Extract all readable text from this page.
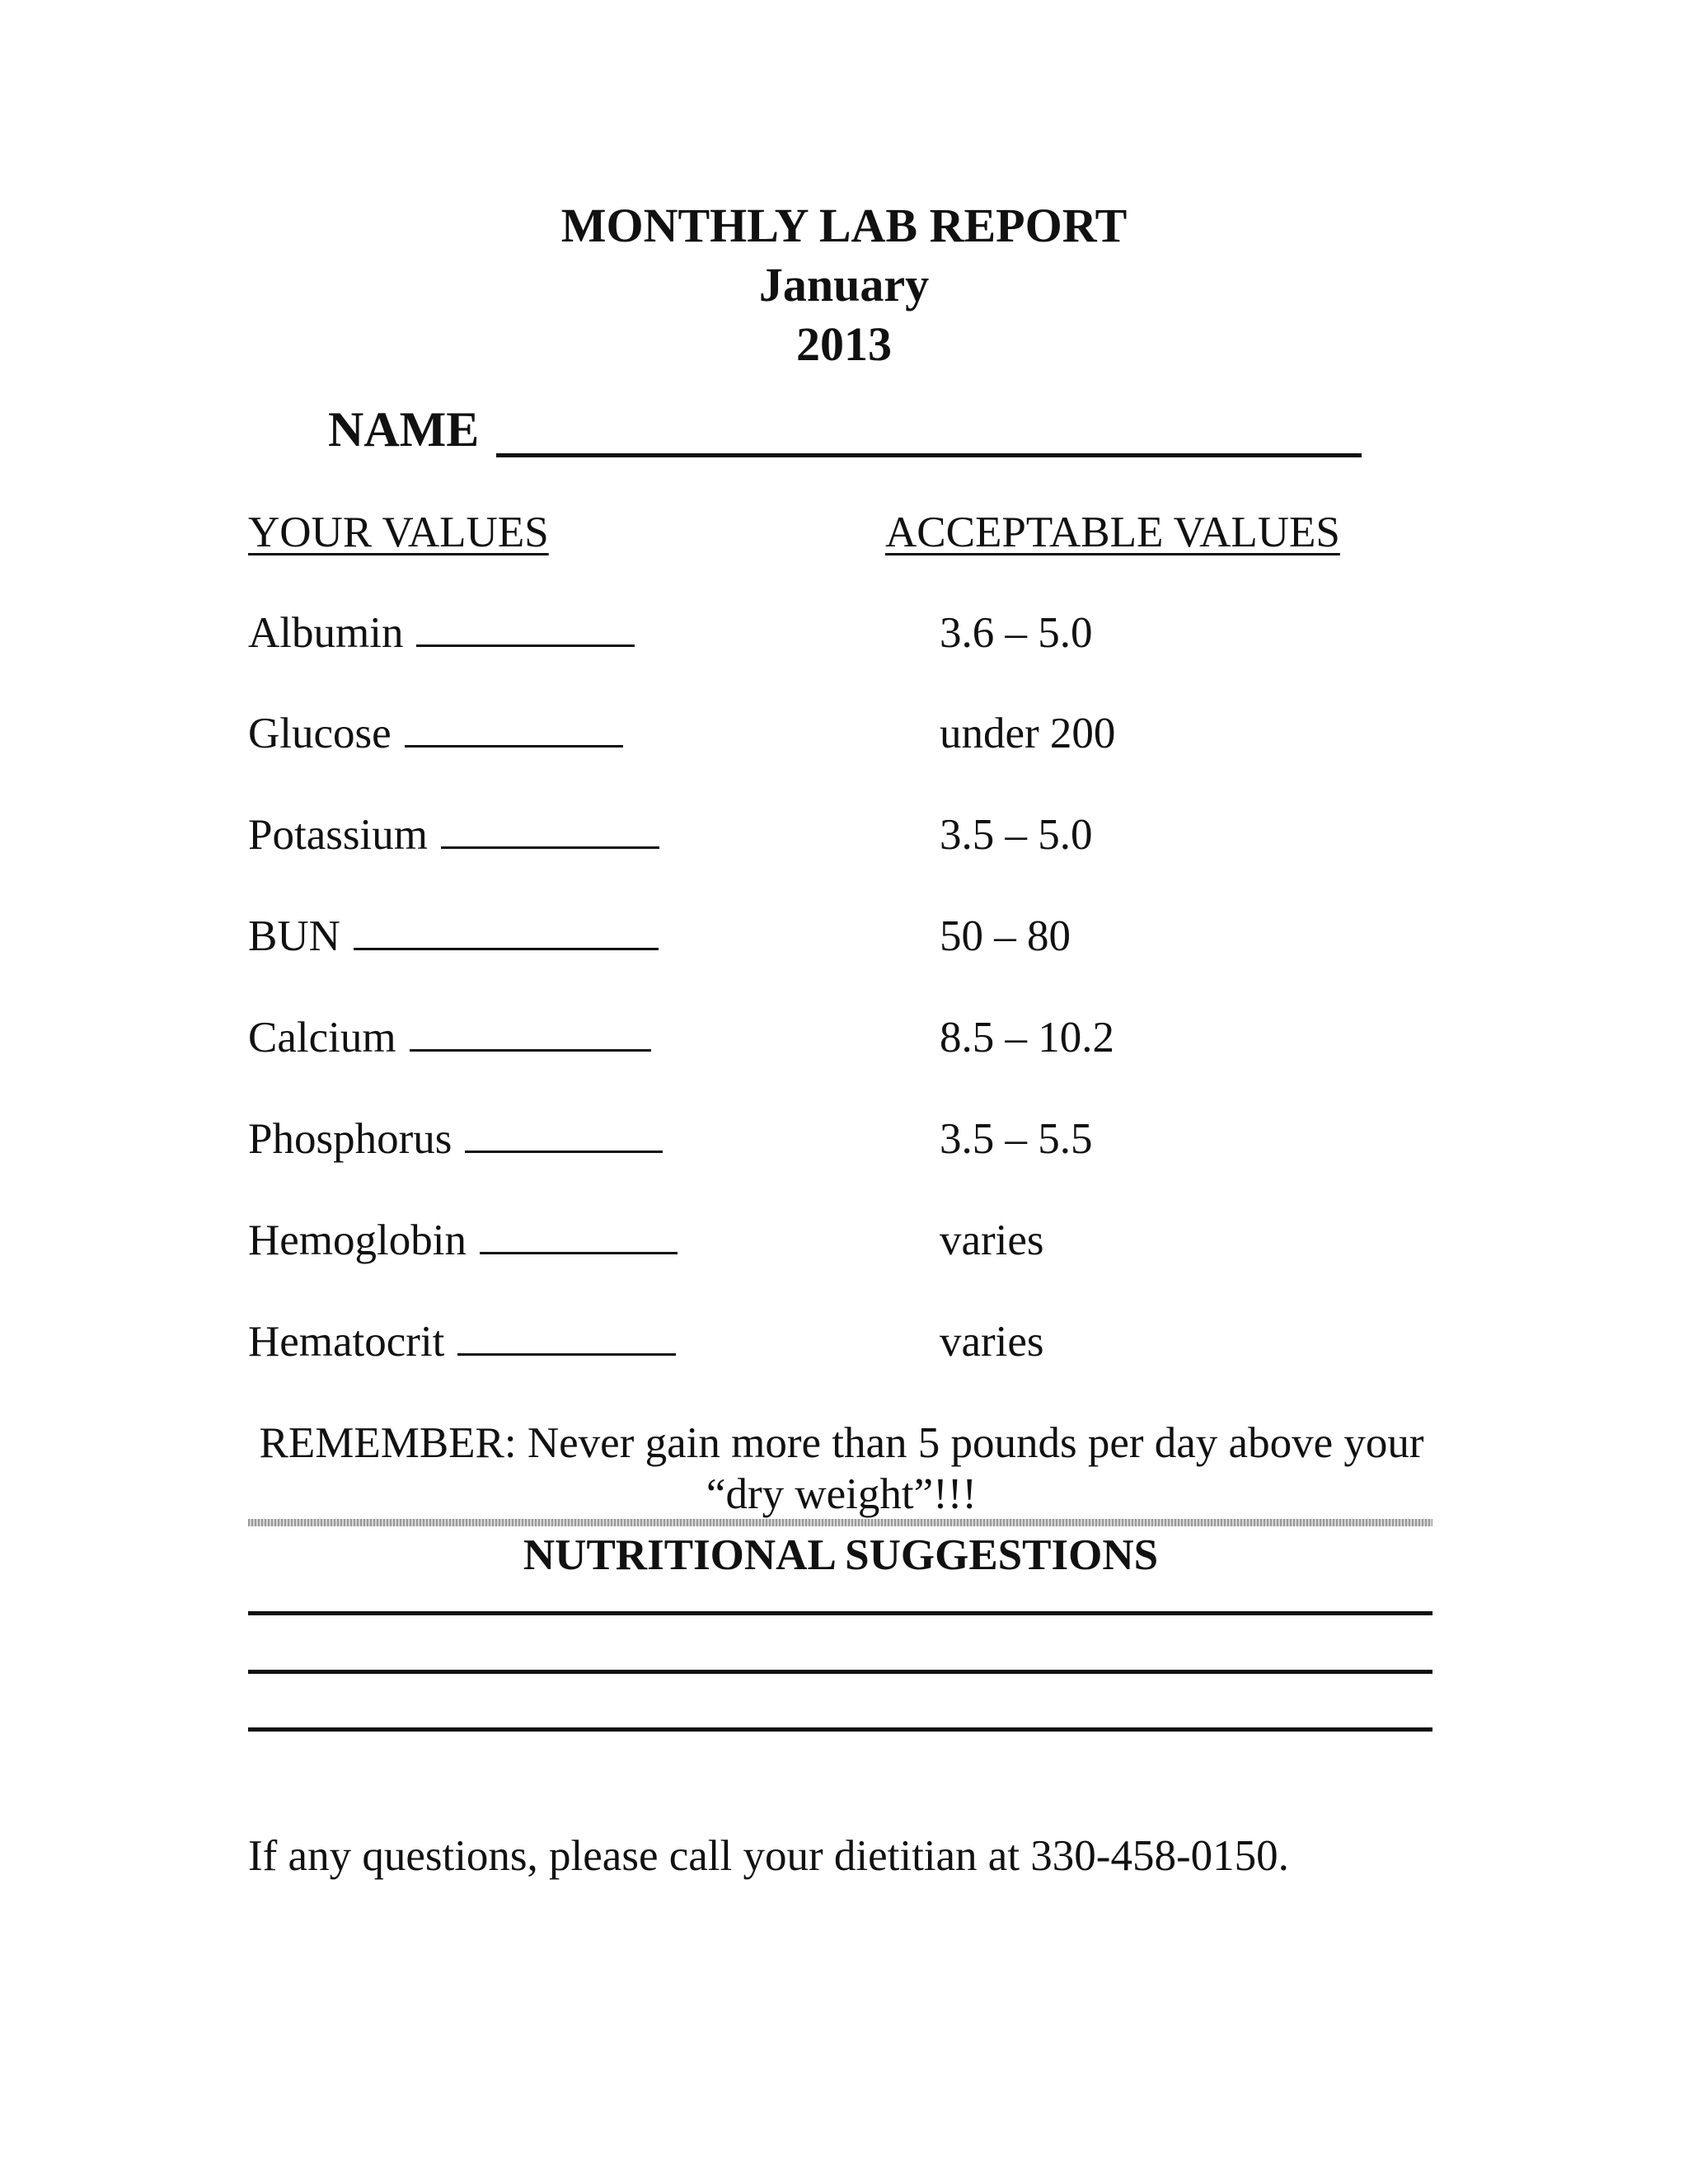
MONTHLY LAB REPORT
January
2013
NAME
YOUR VALUES	ACCEPTABLE VALUES
Albumin	3.6 – 5.0
Glucose	under 200
Potassium	3.5 – 5.0
BUN	50 – 80
Calcium	8.5 – 10.2
Phosphorus	3.5 – 5.5
Hemoglobin	varies
Hematocrit	varies
REMEMBER: Never gain more than 5 pounds per day above your
“dry weight”!!!
NUTRITIONAL SUGGESTIONS
If any questions, please call your dietitian at 330-458-0150.
